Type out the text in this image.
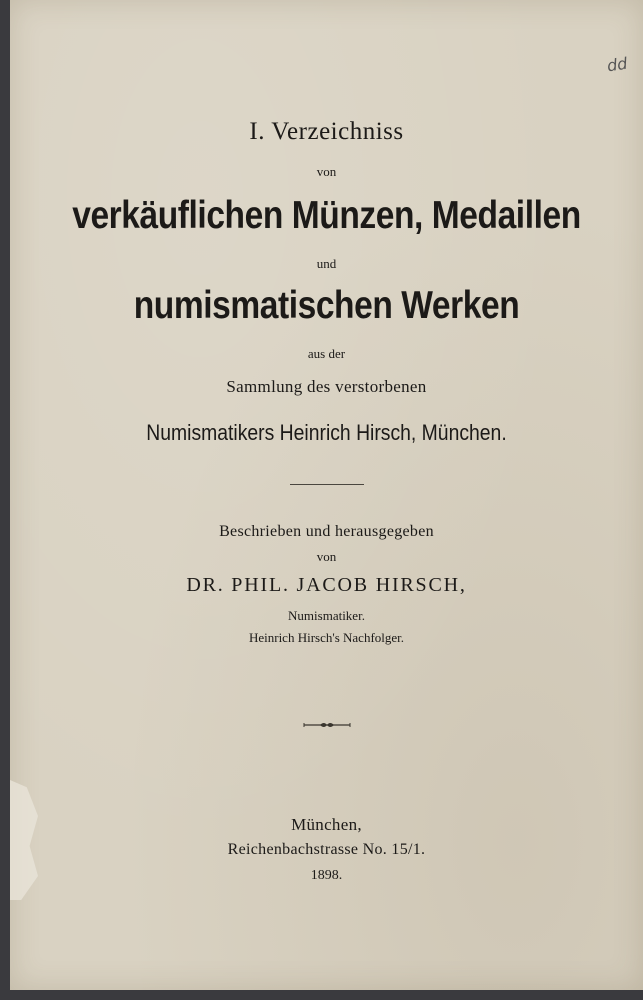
dd
I. Verzeichniss
von
verkäuflichen Münzen, Medaillen
und
numismatischen Werken
aus der
Sammlung des verstorbenen
Numismatikers Heinrich Hirsch, München.
Beschrieben und herausgegeben
von
DR. PHIL. JACOB HIRSCH,
Numismatiker.
Heinrich Hirsch's Nachfolger.
München,
Reichenbachstrasse No. 15/1.
1898.
